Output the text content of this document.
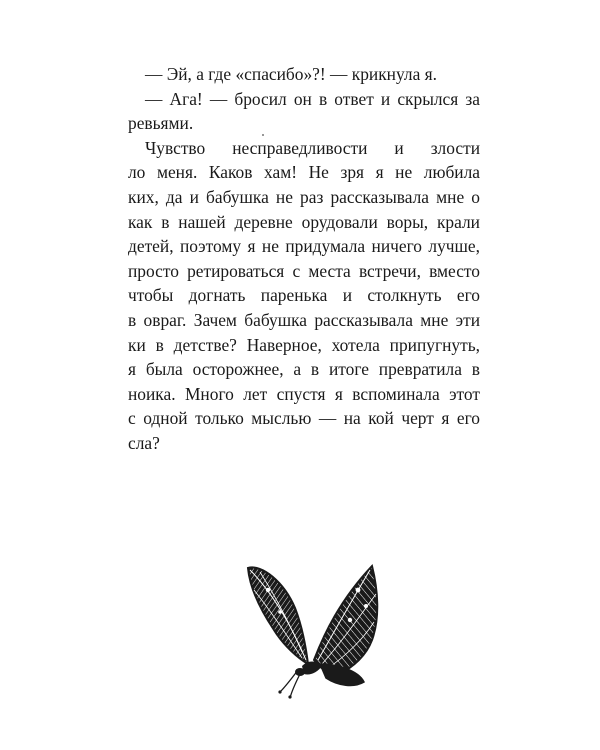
— Эй, а где «спасибо»?! — крикнула я.
— Ага! — бросил он в ответ и скрылся за
ревьями.
Чувство несправедливости и злости
ло меня. Каков хам! Не зря я не любила
ких, да и бабушка не раз рассказывала мне о
как в нашей деревне орудовали воры, крали
детей, поэтому я не придумала ничего лучше,
просто ретироваться с места встречи, вместо
чтобы догнать паренька и столкнуть его
в овраг. Зачем бабушка рассказывала мне эти
ки в детстве? Наверное, хотела припугнуть,
я была осторожнее, а в итоге превратила в
ноика. Много лет спустя я вспоминала этот
с одной только мыслью — на кой черт я его
сла?
